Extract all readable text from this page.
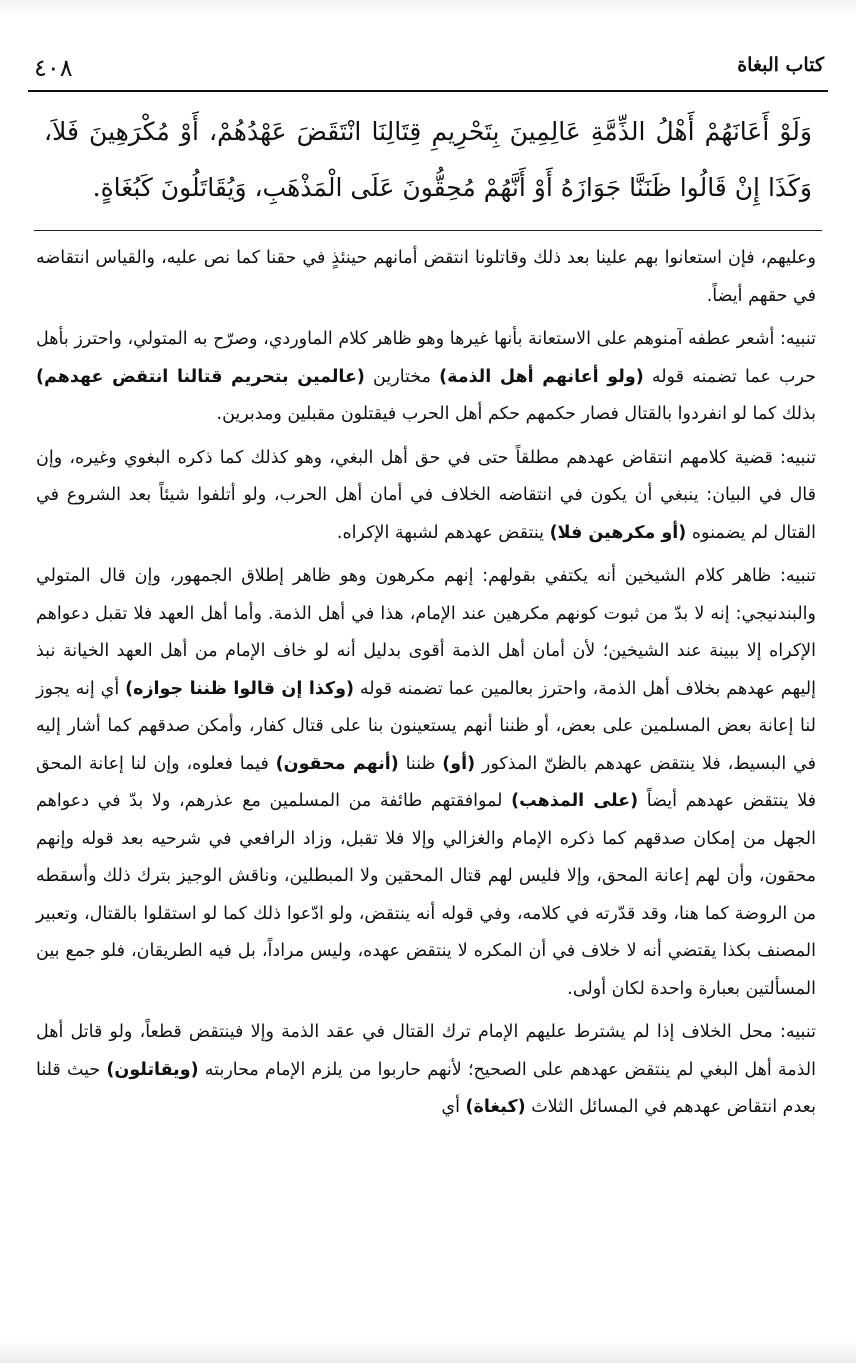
كتاب البغاة
٤٠٨
وَلَوْ أَعَانَهُمْ أَهْلُ الذِّمَّةِ عَالِمِينَ بِتَحْرِيمِ قِتَالِنَا انْتَقَضَ عَهْدُهُمْ، أَوْ مُكْرَهِينَ فَلاَ، وَكَذَا إِنْ قَالُوا ظَنَنَّا جَوَازَهُ أَوْ أَنَّهُمْ مُحِقُّونَ عَلَى الْمَذْهَبِ، وَيُقَاتَلُونَ كَبُغَاةٍ.

وعليهم، فإن استعانوا بهم علينا بعد ذلك وقاتلونا انتقض أمانهم حينئذٍ في حقنا كما نص عليه، والقياس انتقاضه في حقهم أيضاً.

تنبيه: أشعر عطفه آمنوهم على الاستعانة بأنها غيرها وهو ظاهر كلام الماوردي، وصرّح به المتولي، واحترز بأهل حرب عما تضمنه قوله (ولو أعانهم أهل الذمة) مختارين (عالمين بتحريم قتالنا انتقض عهدهم) بذلك كما لو انفردوا بالقتال فصار حكمهم حكم أهل الحرب فيقتلون مقبلين ومدبرين.

تنبيه: قضية كلامهم انتقاض عهدهم مطلقاً حتى في حق أهل البغي، وهو كذلك كما ذكره البغوي وغيره، وإن قال في البيان: ينبغي أن يكون في انتقاضه الخلاف في أمان أهل الحرب، ولو أتلفوا شيئاً بعد الشروع في القتال لم يضمنوه (أو مكرهين فلا) ينتقض عهدهم لشبهة الإكراه.

تنبيه: ظاهر كلام الشيخين أنه يكتفي بقولهم: إنهم مكرهون وهو ظاهر إطلاق الجمهور، وإن قال المتولي والبندنيجي: إنه لا بدّ من ثبوت كونهم مكرهين عند الإمام، هذا في أهل الذمة. وأما أهل العهد فلا تقبل دعواهم الإكراه إلا ببينة عند الشيخين؛ لأن أمان أهل الذمة أقوى بدليل أنه لو خاف الإمام من أهل العهد الخيانة نبذ إليهم عهدهم بخلاف أهل الذمة، واحترز بعالمين عما تضمنه قوله (وكذا إن قالوا ظننا جوازه) أي إنه يجوز لنا إعانة بعض المسلمين على بعض، أو ظننا أنهم يستعينون بنا على قتال كفار، وأمكن صدقهم كما أشار إليه في البسيط، فلا ينتقض عهدهم بالظنّ المذكور (أو) ظننا (أنهم محقون) فيما فعلوه، وإن لنا إعانة المحق فلا ينتقض عهدهم أيضاً (على المذهب) لموافقتهم طائفة من المسلمين مع عذرهم، ولا بدّ في دعواهم الجهل من إمكان صدقهم كما ذكره الإمام والغزالي وإلا فلا تقبل، وزاد الرافعي في شرحيه بعد قوله وإنهم محقون، وأن لهم إعانة المحق، وإلا فليس لهم قتال المحقين ولا المبطلين، وناقش الوجيز بترك ذلك وأسقطه من الروضة كما هنا، وقد قدّرته في كلامه، وفي قوله أنه ينتقض، ولو ادّعوا ذلك كما لو استقلوا بالقتال، وتعبير المصنف بكذا يقتضي أنه لا خلاف في أن المكره لا ينتقض عهده، وليس مراداً، بل فيه الطريقان، فلو جمع بين المسألتين بعبارة واحدة لكان أولى.

تنبيه: محل الخلاف إذا لم يشترط عليهم الإمام ترك القتال في عقد الذمة وإلا فينتقض قطعاً، ولو قاتل أهل الذمة أهل البغي لم ينتقض عهدهم على الصحيح؛ لأنهم حاربوا من يلزم الإمام محاربته (ويقاتلون) حيث قلنا بعدم انتقاض عهدهم في المسائل الثلاث (كبغاة) أي
